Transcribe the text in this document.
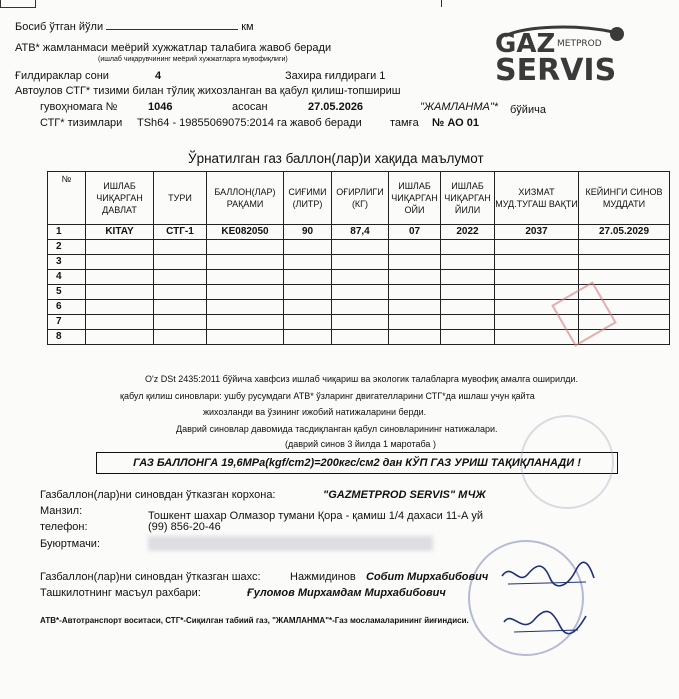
Босиб ўтган йўли	км
АТВ* жамланмаси меёрий хужжатлар талабига жавоб беради
(ишлаб чиқарувчининг меёрий хужжатларга мувофиқлиги)
Ғилдираклар сони	4	Захира ғилдираги 1
Автоулов СТГ* тизими билан тўлиқ жихозланган ва қабул қилиш-топшириш
гувоҳномага №	1046	асосан	27.05.2026	"ЖАМЛАНМА"* бўйича
СТГ* тизимлари TSh64 - 19855069075:2014 га жавоб беради	тамға № АО 01
GAZ METPROD
SERVIS
Ўрнатилган газ баллон(лар)и хақида маълумот
№	ИШЛАБ ЧИҚАРГАН ДАВЛАТ	ТУРИ	БАЛЛОН(ЛАР) РАҚАМИ	СИҒИМИ (ЛИТР)	ОҒИРЛИГИ (КГ)	ИШЛАБ ЧИҚАРГАН ОЙИ	ИШЛАБ ЧИҚАРГАН ЙИЛИ	ХИЗМАТ МУД.ТУГАШ ВАҚТИ	КЕЙИНГИ СИНОВ МУДДАТИ
1	KITAY	СТГ-1	KE082050	90	87,4	07	2022	2037	27.05.2029
2									
3									
4									
5									
6									
7									
8									
O'z DSt 2435:2011 бўйича хавфсиз ишлаб чиқариш ва экологик талабларга мувофиқ амалга оширилди.
қабул қилиш синовлари: ушбу русумдаги АТВ* ўзларинг двигателларини СТГ*да ишлаш учун қайта
жихозланди ва ўзининг ижобий натижаларини берди.
Даврий синовлар давомида тасдиқланган қабул синовларининг натижалари.
(даврий синов 3 йилда 1 маротаба )
ГАЗ БАЛЛОНГА 19,6MPa(kgf/cm2)=200кгс/см2 дан КЎП ГАЗ УРИШ ТАҚИҚЛАНАДИ !
Газбаллон(лар)ни синовдан ўтказган корхона:	"GAZMETPROD SERVIS" МЧЖ
Манзил:	Тошкент шахар Олмазор тумани Қора - қамиш 1/4 дахаси 11-А уй
телефон:	(99) 856-20-46
Буюртмачи:
Газбаллон(лар)ни синовдан ўтказган шахс:	Нажмидинов Собит Мирхабибович
Ташкилотнинг масъул рахбари:	Ғуломов Мирхамдам Мирхабибович
АТВ*-Автотранспорт воситаси, СТГ*-Сиқилган табиий газ, "ЖАМЛАНМА"*-Газ мосламаларининг йиғиндиси.
